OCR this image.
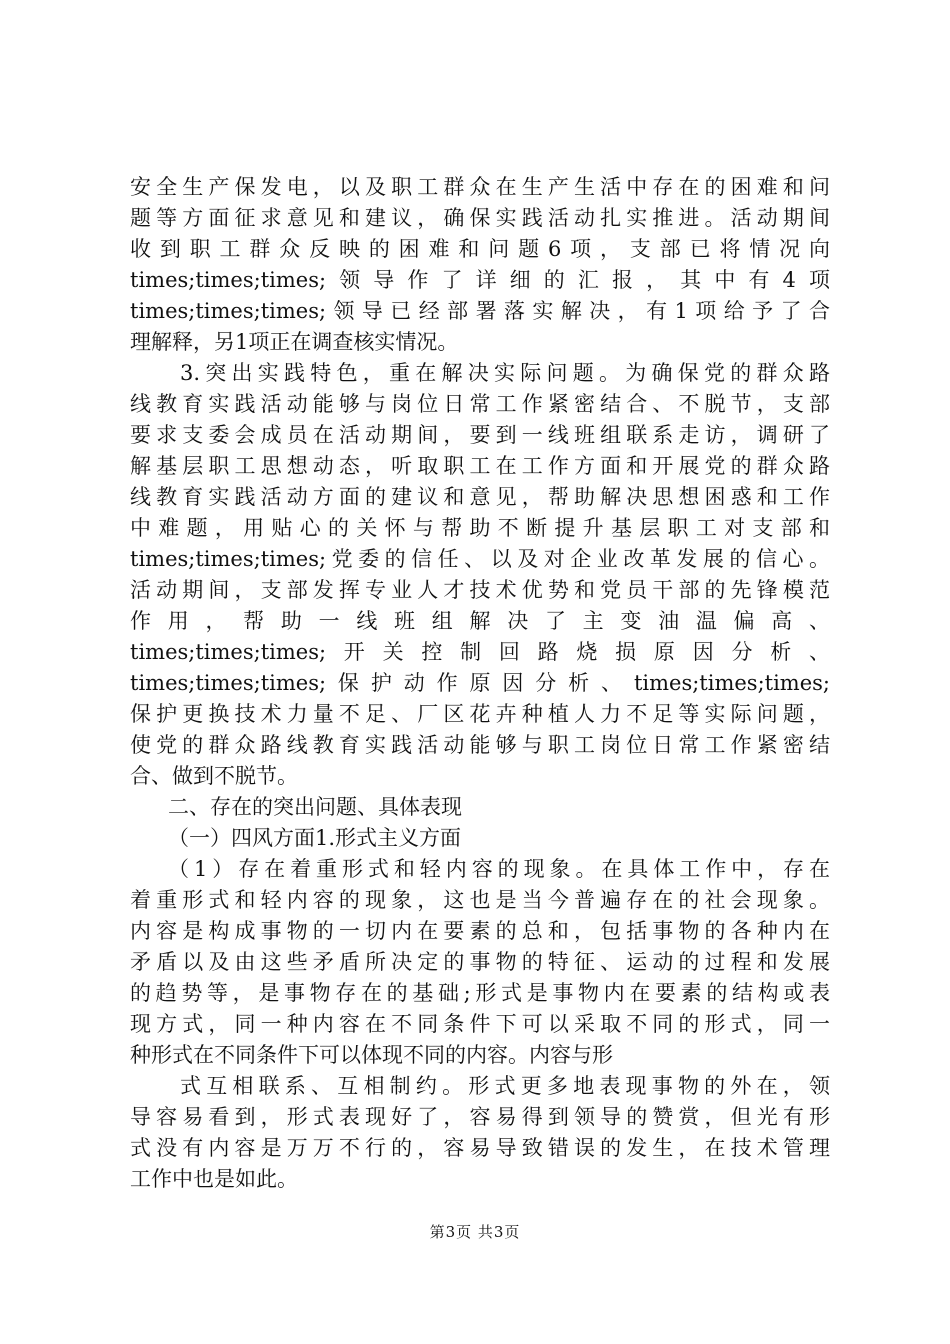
安全生产保发电，以及职工群众在生产生活中存在的困难和问
题等方面征求意见和建议，确保实践活动扎实推进。活动期间
收到职工群众反映的困难和问题6项，支部已将情况向
times;times;times;领导作了详细的汇报，其中有4项
times;times;times;领导已经部署落实解决，有1项给予了合
理解释，另1项正在调查核实情况。
3.突出实践特色，重在解决实际问题。为确保党的群众路
线教育实践活动能够与岗位日常工作紧密结合、不脱节，支部
要求支委会成员在活动期间，要到一线班组联系走访，调研了
解基层职工思想动态，听取职工在工作方面和开展党的群众路
线教育实践活动方面的建议和意见，帮助解决思想困惑和工作
中难题，用贴心的关怀与帮助不断提升基层职工对支部和
times;times;times;党委的信任、以及对企业改革发展的信心。
活动期间，支部发挥专业人才技术优势和党员干部的先锋模范
作用，帮助一线班组解决了主变油温偏高、
times;times;times;开关控制回路烧损原因分析、
times;times;times;保护动作原因分析、times;times;times;
保护更换技术力量不足、厂区花卉种植人力不足等实际问题，
使党的群众路线教育实践活动能够与职工岗位日常工作紧密结
合、做到不脱节。
二、存在的突出问题、具体表现
（一）四风方面1.形式主义方面
（1）存在着重形式和轻内容的现象。在具体工作中，存在
着重形式和轻内容的现象，这也是当今普遍存在的社会现象。
内容是构成事物的一切内在要素的总和，包括事物的各种内在
矛盾以及由这些矛盾所决定的事物的特征、运动的过程和发展
的趋势等，是事物存在的基础;形式是事物内在要素的结构或表
现方式，同一种内容在不同条件下可以采取不同的形式，同一
种形式在不同条件下可以体现不同的内容。内容与形
式互相联系、互相制约。形式更多地表现事物的外在，领
导容易看到，形式表现好了，容易得到领导的赞赏，但光有形
式没有内容是万万不行的，容易导致错误的发生，在技术管理
工作中也是如此。
第3页 共3页
